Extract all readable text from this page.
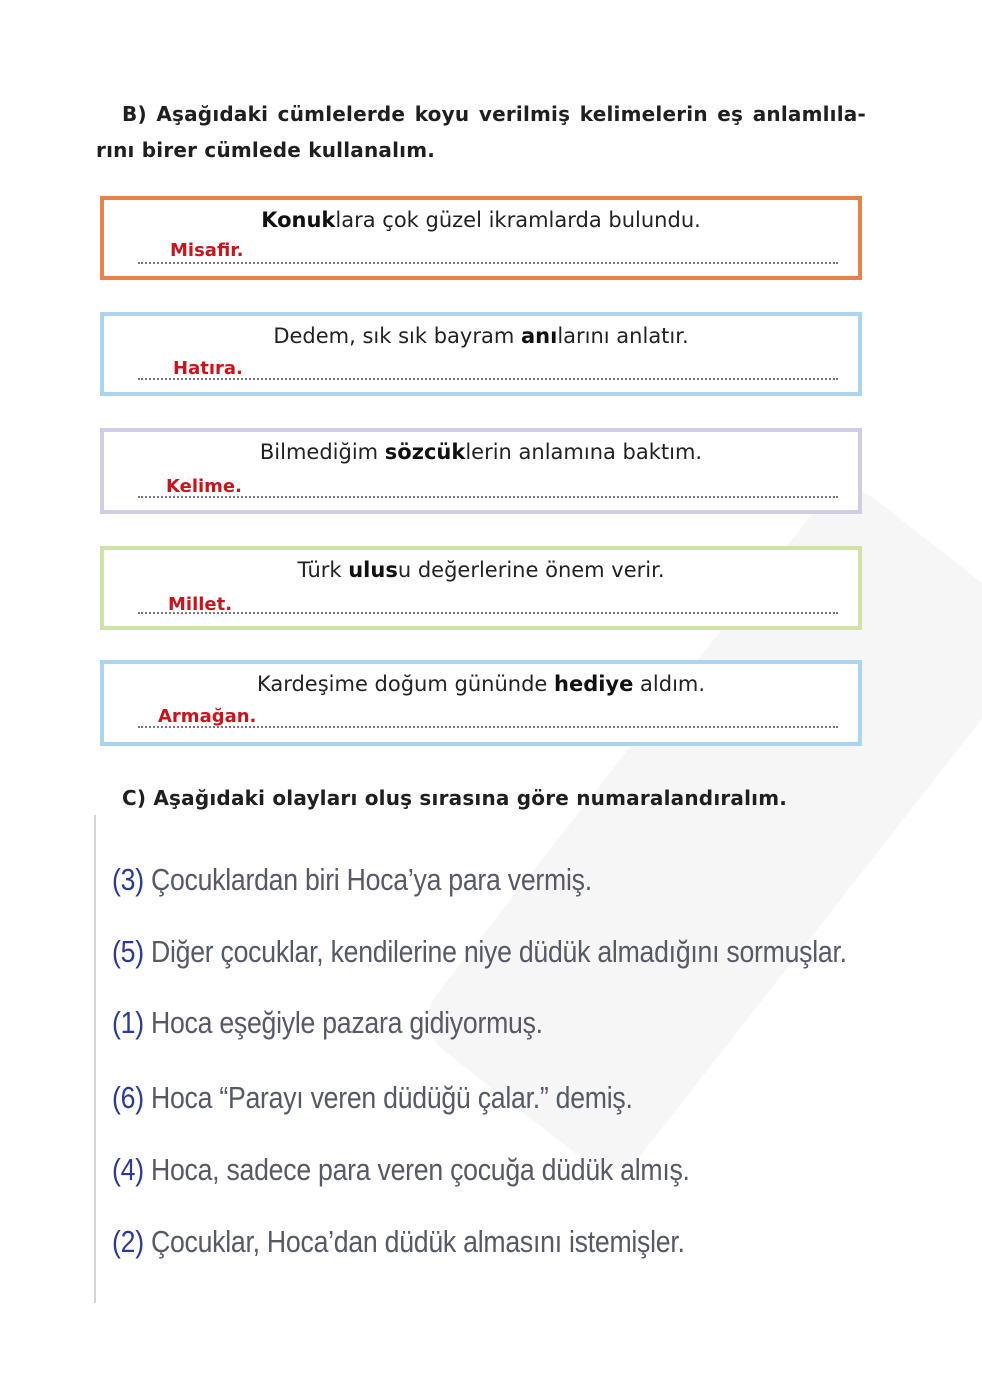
B) Aşağıdaki cümlelerde koyu verilmiş kelimelerin eş anlamlıla-rını birer cümlede kullanalım.
Konuklara çok güzel ikramlarda bulundu.
Misafir.
Dedem, sık sık bayram anılarını anlatır.
Hatıra.
Bilmediğim sözcüklerin anlamına baktım.
Kelime.
Türk ulusu değerlerine önem verir.
Millet.
Kardeşime doğum gününde hediye aldım.
Armağan.
C) Aşağıdaki olayları oluş sırasına göre numaralandıralım.
(3) Çocuklardan biri Hoca’ya para vermiş.
(5) Diğer çocuklar, kendilerine niye düdük almadığını sormuşlar.
(1) Hoca eşeğiyle pazara gidiyormuş.
(6) Hoca “Parayı veren düdüğü çalar.” demiş.
(4) Hoca, sadece para veren çocuğa düdük almış.
(2) Çocuklar, Hoca’dan düdük almasını istemişler.
